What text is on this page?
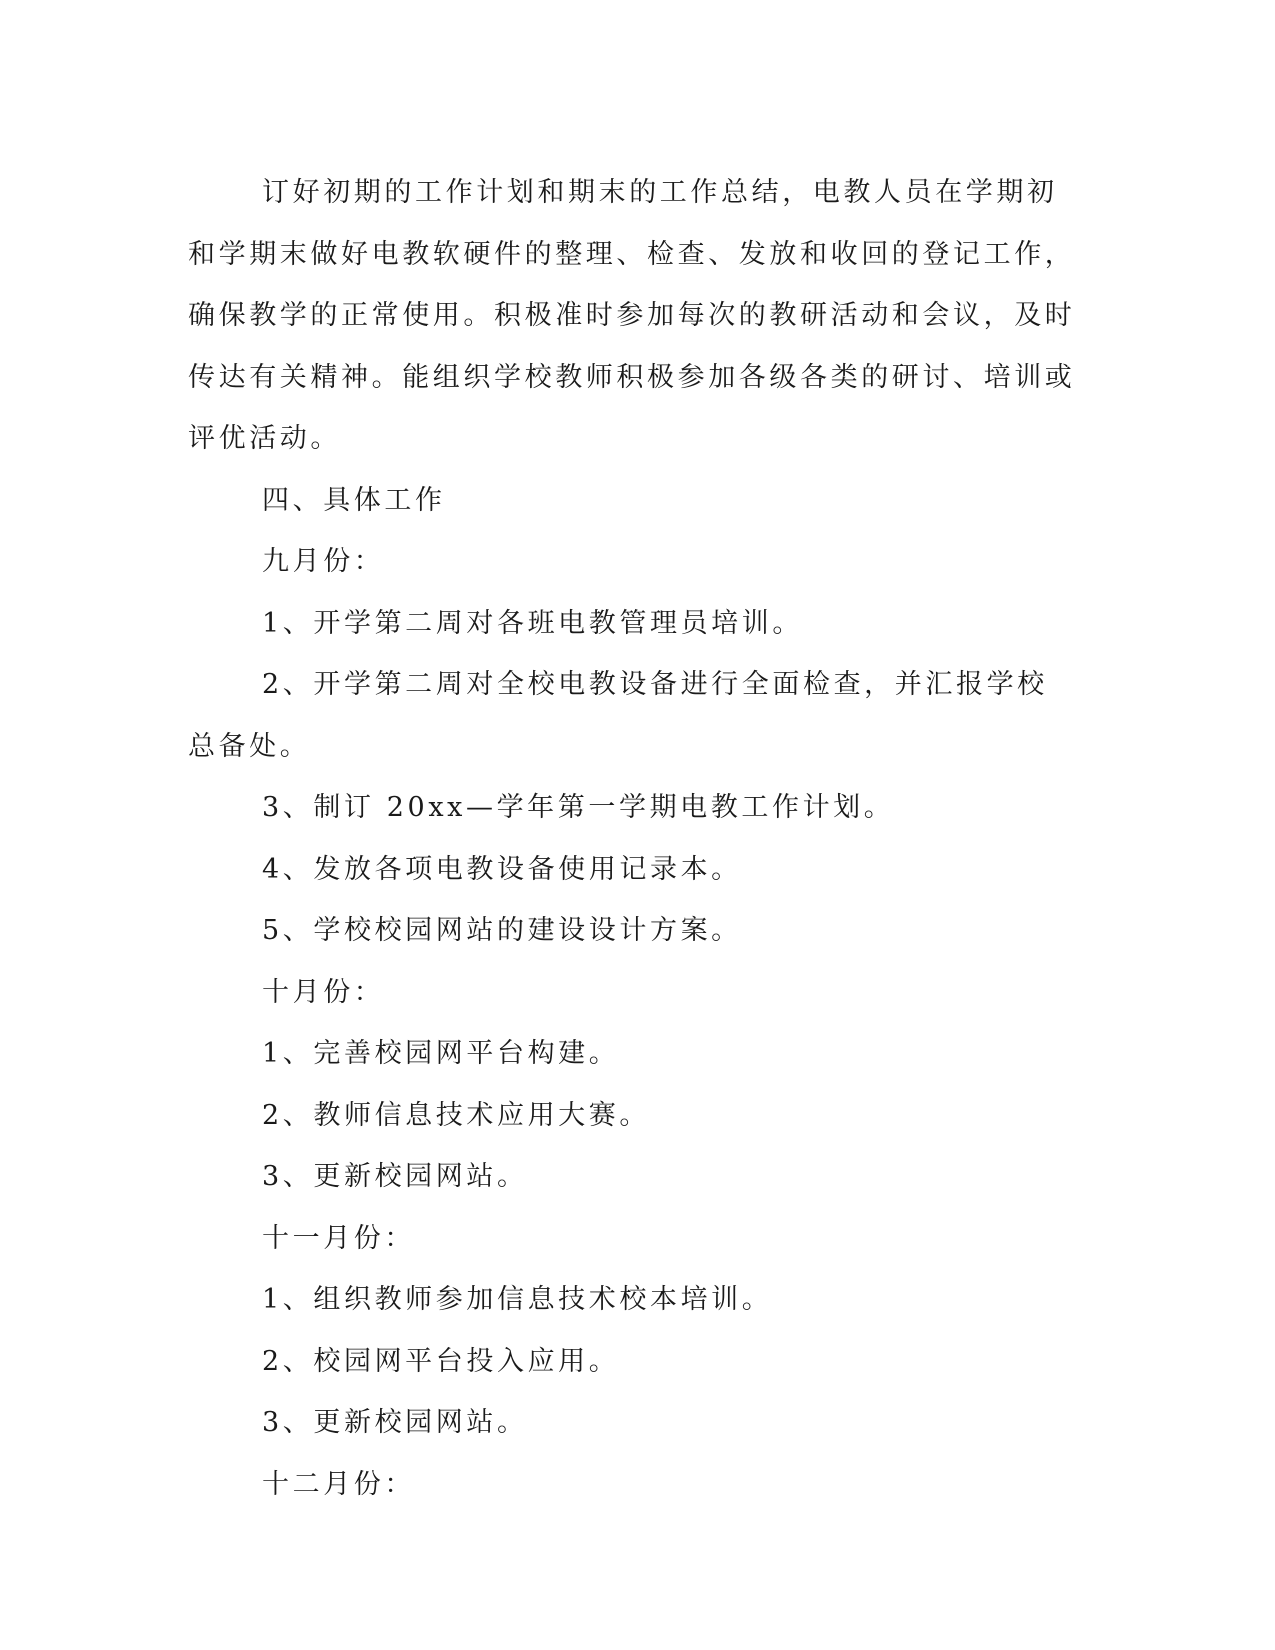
订好初期的工作计划和期末的工作总结，电教人员在学期初和学期末做好电教软硬件的整理、检查、发放和收回的登记工作，确保教学的正常使用。积极准时参加每次的教研活动和会议，及时传达有关精神。能组织学校教师积极参加各级各类的研讨、培训或评优活动。

四、具体工作

九月份：

1、开学第二周对各班电教管理员培训。

2、开学第二周对全校电教设备进行全面检查，并汇报学校总备处。

3、制订 20xx—学年第一学期电教工作计划。

4、发放各项电教设备使用记录本。

5、学校校园网站的建设设计方案。

十月份：

1、完善校园网平台构建。

2、教师信息技术应用大赛。

3、更新校园网站。

十一月份：

1、组织教师参加信息技术校本培训。

2、校园网平台投入应用。

3、更新校园网站。

十二月份：
